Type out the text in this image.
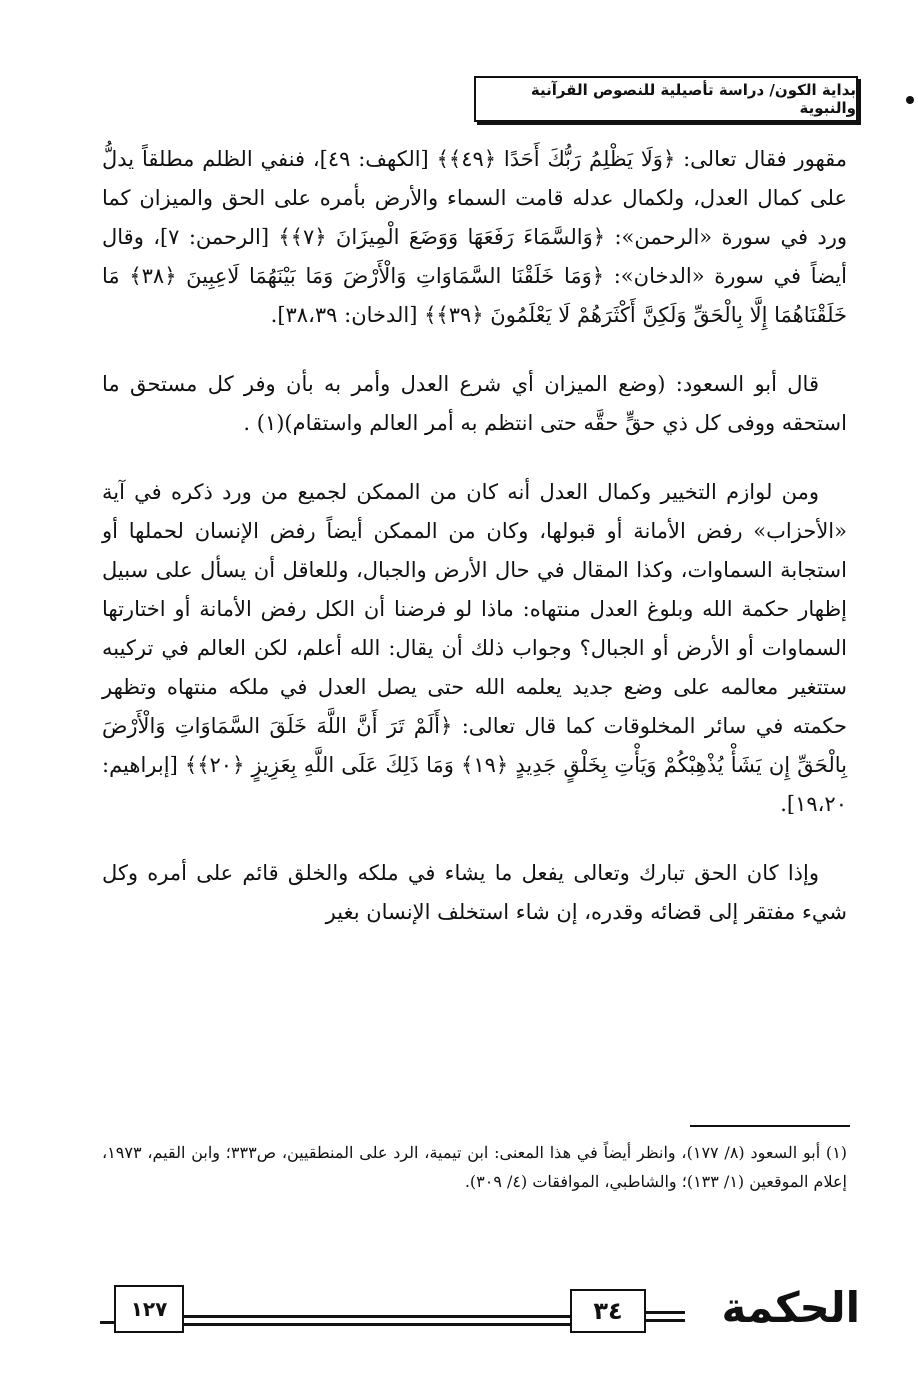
بداية الكون/ دراسة تأصيلية للنصوص القرآنية والنبوية

مقهور فقال تعالى: ﴿وَلَا يَظْلِمُ رَبُّكَ أَحَدًا ﴿٤٩﴾﴾ [الكهف: ٤٩]، فنفي الظلم مطلقاً يدلُّ على كمال العدل، ولكمال عدله قامت السماء والأرض بأمره على الحق والميزان كما ورد في سورة «الرحمن»: ﴿وَالسَّمَاءَ رَفَعَهَا وَوَضَعَ الْمِيزَانَ ﴿٧﴾﴾ [الرحمن: ٧]، وقال أيضاً في سورة «الدخان»: ﴿وَمَا خَلَقْنَا السَّمَاوَاتِ وَالْأَرْضَ وَمَا بَيْنَهُمَا لَاعِبِينَ ﴿٣٨﴾ مَا خَلَقْنَاهُمَا إِلَّا بِالْحَقِّ وَلَكِنَّ أَكْثَرَهُمْ لَا يَعْلَمُونَ ﴿٣٩﴾﴾ [الدخان: ٣٨،٣٩].

قال أبو السعود: (وضع الميزان أي شرع العدل وأمر به بأن وفر كل مستحق ما استحقه ووفى كل ذي حقٍّ حقَّه حتى انتظم به أمر العالم واستقام)(١) .

ومن لوازم التخيير وكمال العدل أنه كان من الممكن لجميع من ورد ذكره في آية «الأحزاب» رفض الأمانة أو قبولها، وكان من الممكن أيضاً رفض الإنسان لحملها أو استجابة السماوات، وكذا المقال في حال الأرض والجبال، وللعاقل أن يسأل على سبيل إظهار حكمة الله وبلوغ العدل منتهاه: ماذا لو فرضنا أن الكل رفض الأمانة أو اختارتها السماوات أو الأرض أو الجبال؟ وجواب ذلك أن يقال: الله أعلم، لكن العالم في تركيبه ستتغير معالمه على وضع جديد يعلمه الله حتى يصل العدل في ملكه منتهاه وتظهر حكمته في سائر المخلوقات كما قال تعالى: ﴿أَلَمْ تَرَ أَنَّ اللَّهَ خَلَقَ السَّمَاوَاتِ وَالْأَرْضَ بِالْحَقِّ إِن يَشَأْ يُذْهِبْكُمْ وَيَأْتِ بِخَلْقٍ جَدِيدٍ ﴿١٩﴾ وَمَا ذَلِكَ عَلَى اللَّهِ بِعَزِيزٍ ﴿٢٠﴾﴾ [إبراهيم: ١٩،٢٠].

وإذا كان الحق تبارك وتعالى يفعل ما يشاء في ملكه والخلق قائم على أمره وكل شيء مفتقر إلى قضائه وقدره، إن شاء استخلف الإنسان بغير

(١) أبو السعود (٨/ ١٧٧)، وانظر أيضاً في هذا المعنى: ابن تيمية، الرد على المنطقيين، ص٣٣٣؛ وابن القيم، ١٩٧٣، إعلام الموقعين (١/ ١٣٣)؛ والشاطبي، الموافقات (٤/ ٣٠٩).
١٢٧	٣٤	الحكمة
